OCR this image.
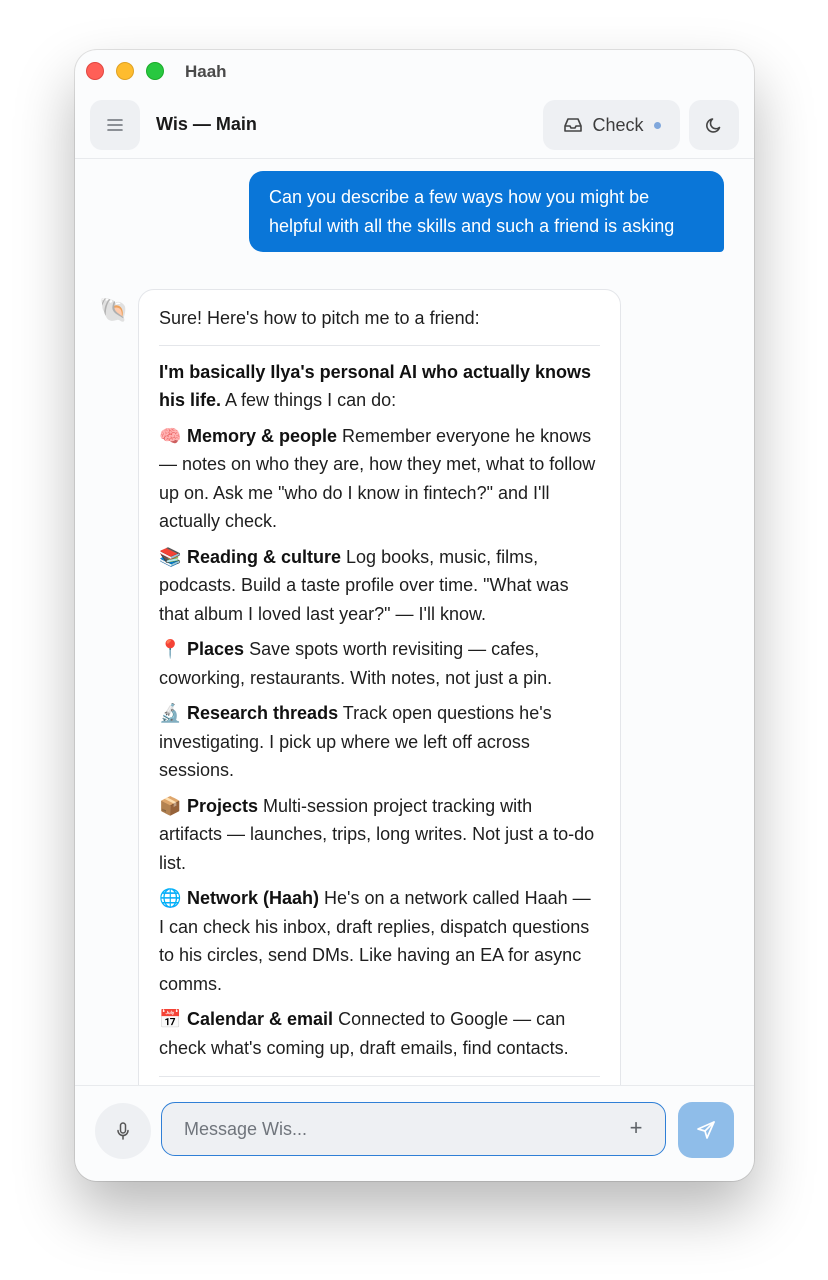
Haah
Wis — Main	Check
Can you describe a few ways how you might be helpful with all the skills and such a friend is asking
🐚 Sure! Here's how to pitch me to a friend:

I'm basically Ilya's personal AI who actually knows his life. A few things I can do:

🧠 Memory & people Remember everyone he knows — notes on who they are, how they met, what to follow up on. Ask me "who do I know in fintech?" and I'll actually check.

📚 Reading & culture Log books, music, films, podcasts. Build a taste profile over time. "What was that album I loved last year?" — I'll know.

📍 Places Save spots worth revisiting — cafes, coworking, restaurants. With notes, not just a pin.

🔬 Research threads Track open questions he's investigating. I pick up where we left off across sessions.

📦 Projects Multi-session project tracking with artifacts — launches, trips, long writes. Not just a to-do list.

🌐 Network (Haah) He's on a network called Haah — I can check his inbox, draft replies, dispatch questions to his circles, send DMs. Like having an EA for async comms.

📅 Calendar & email Connected to Google — can check what's coming up, draft emails, find contacts.

Message Wis...
+
